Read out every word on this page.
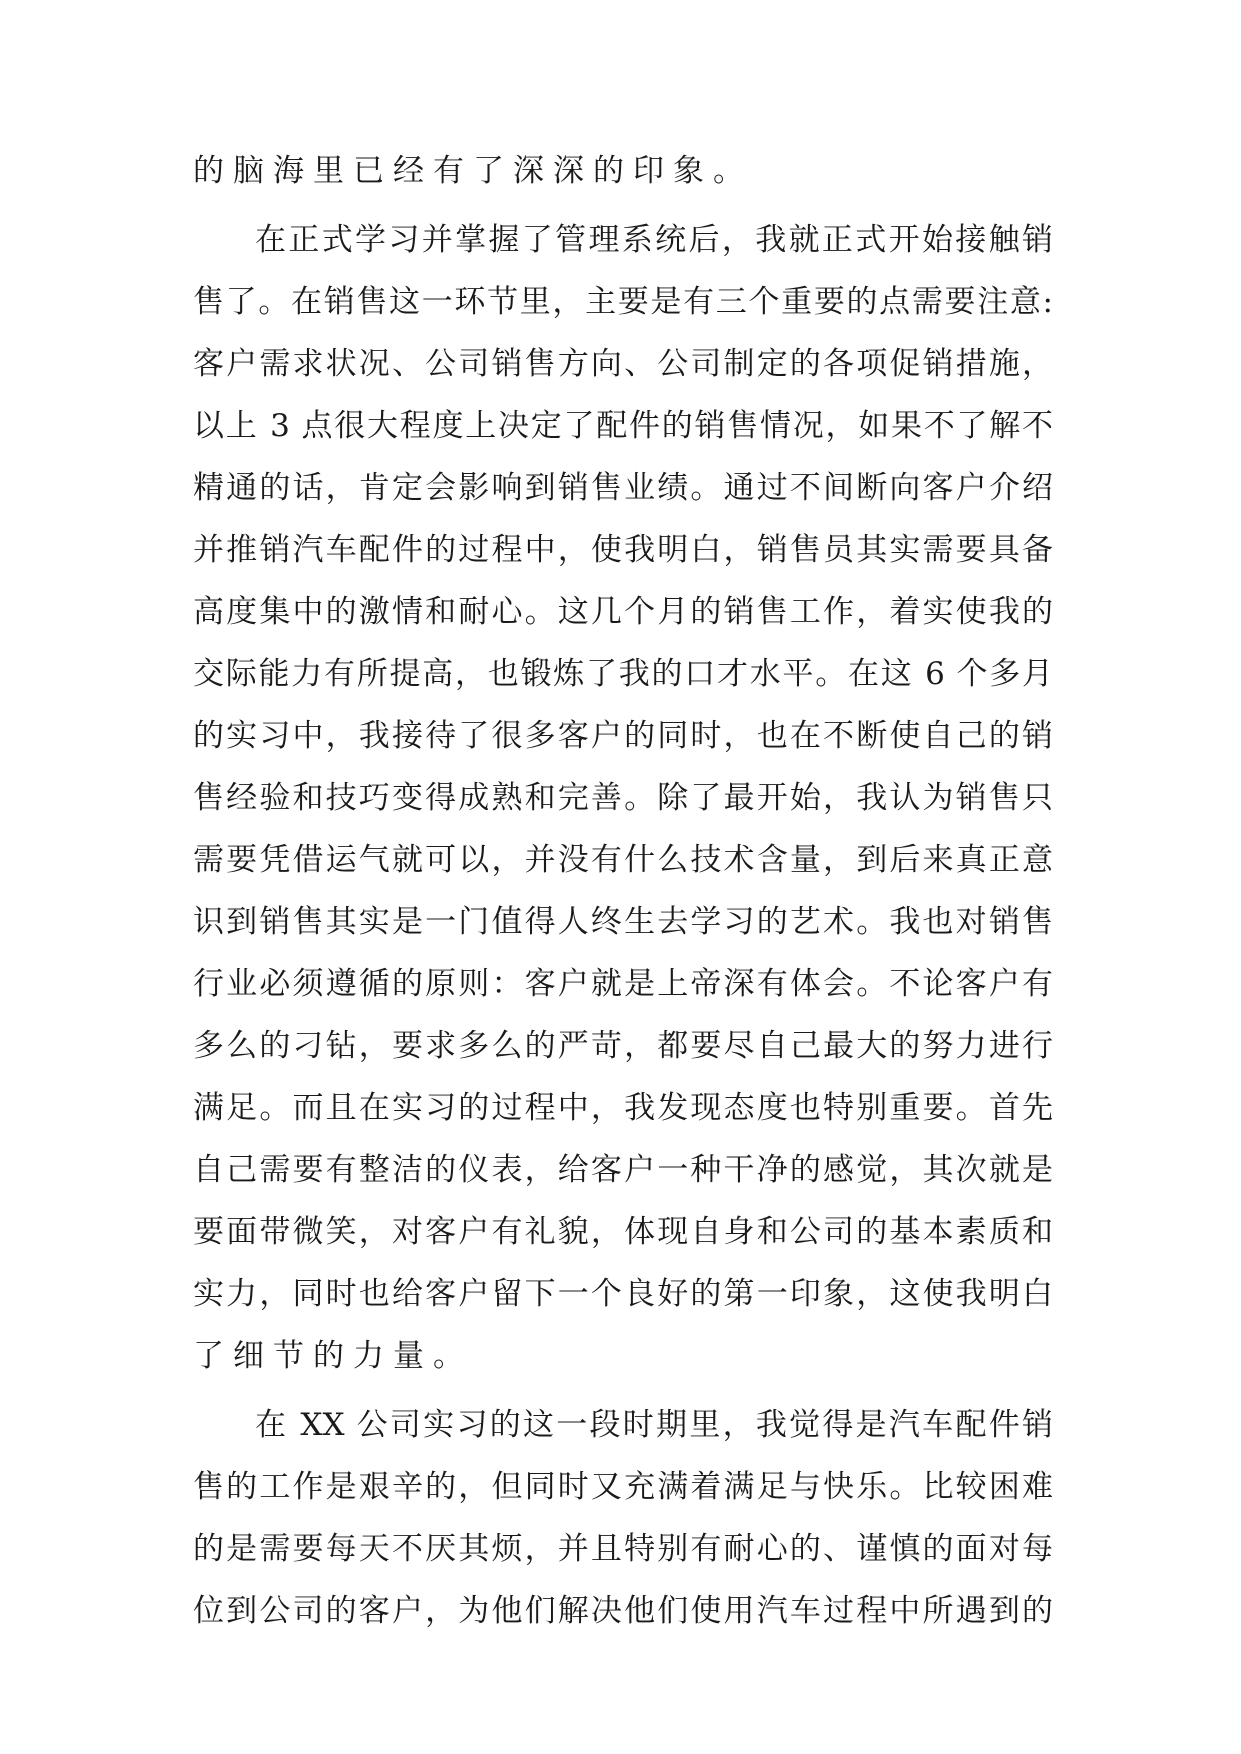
的脑海里已经有了深深的印象。
在正式学习并掌握了管理系统后，我就正式开始接触销
售了。在销售这一环节里，主要是有三个重要的点需要注意:
客户需求状况、公司销售方向、公司制定的各项促销措施，
以上 3 点很大程度上决定了配件的销售情况，如果不了解不
精通的话，肯定会影响到销售业绩。通过不间断向客户介绍
并推销汽车配件的过程中，使我明白，销售员其实需要具备
高度集中的激情和耐心。这几个月的销售工作，着实使我的
交际能力有所提高，也锻炼了我的口才水平。在这 6 个多月
的实习中，我接待了很多客户的同时，也在不断使自己的销
售经验和技巧变得成熟和完善。除了最开始，我认为销售只
需要凭借运气就可以，并没有什么技术含量，到后来真正意
识到销售其实是一门值得人终生去学习的艺术。我也对销售
行业必须遵循的原则：客户就是上帝深有体会。不论客户有
多么的刁钻，要求多么的严苛，都要尽自己最大的努力进行
满足。而且在实习的过程中，我发现态度也特别重要。首先
自己需要有整洁的仪表，给客户一种干净的感觉，其次就是
要面带微笑，对客户有礼貌，体现自身和公司的基本素质和
实力，同时也给客户留下一个良好的第一印象，这使我明白
了细节的力量。
在 XX 公司实习的这一段时期里，我觉得是汽车配件销
售的工作是艰辛的，但同时又充满着满足与快乐。比较困难
的是需要每天不厌其烦，并且特别有耐心的、谨慎的面对每
位到公司的客户，为他们解决他们使用汽车过程中所遇到的
